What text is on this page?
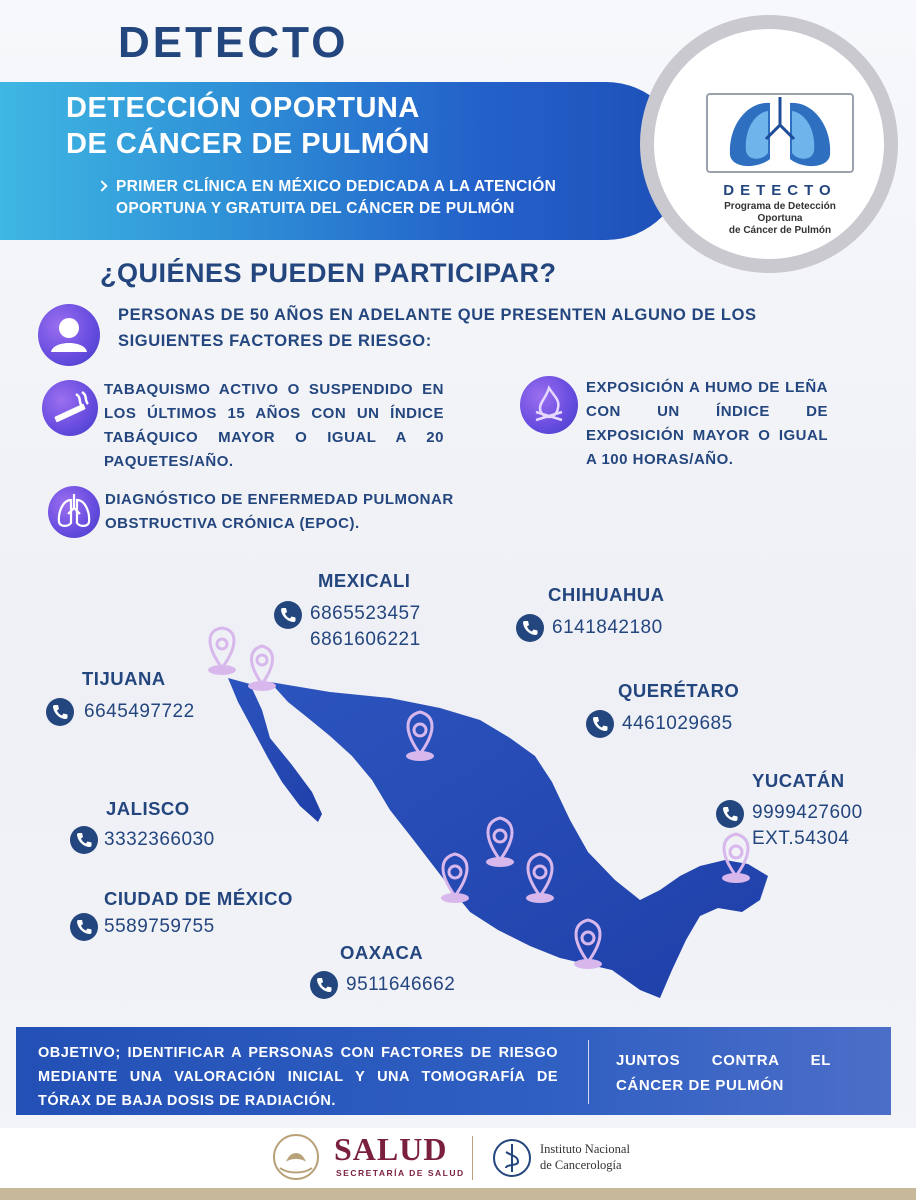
DETECTO
DETECCIÓN OPORTUNA
DE CÁNCER DE PULMÓN
PRIMER CLÍNICA EN MÉXICO DEDICADA A LA ATENCIÓN OPORTUNA Y GRATUITA DEL CÁNCER DE PULMÓN
DETECTO
Programa de Detección Oportuna
de Cáncer de Pulmón
¿QUIÉNES PUEDEN PARTICIPAR?
PERSONAS DE 50 AÑOS EN ADELANTE QUE PRESENTEN ALGUNO DE LOS SIGUIENTES FACTORES DE RIESGO:
TABAQUISMO ACTIVO O SUSPENDIDO EN LOS ÚLTIMOS 15 AÑOS CON UN ÍNDICE TABÁQUICO MAYOR O IGUAL A 20 PAQUETES/AÑO.
EXPOSICIÓN A HUMO DE LEÑA CON UN ÍNDICE DE EXPOSICIÓN MAYOR O IGUAL A 100 HORAS/AÑO.
DIAGNÓSTICO DE ENFERMEDAD PULMONAR OBSTRUCTIVA CRÓNICA (EPOC).
MEXICALI
6865523457
6861606221
CHIHUAHUA
6141842180
TIJUANA
6645497722
QUERÉTARO
4461029685
YUCATÁN
9999427600
EXT.54304
JALISCO
3332366030
CIUDAD DE MÉXICO
5589759755
OAXACA
9511646662
OBJETIVO; IDENTIFICAR A PERSONAS CON FACTORES DE RIESGO MEDIANTE UNA VALORACIÓN INICIAL Y UNA TOMOGRAFÍA DE TÓRAX DE BAJA DOSIS DE RADIACIÓN.
JUNTOS CONTRA EL CÁNCER DE PULMÓN
SALUD
SECRETARÍA DE SALUD
Instituto Nacional
de Cancerología
